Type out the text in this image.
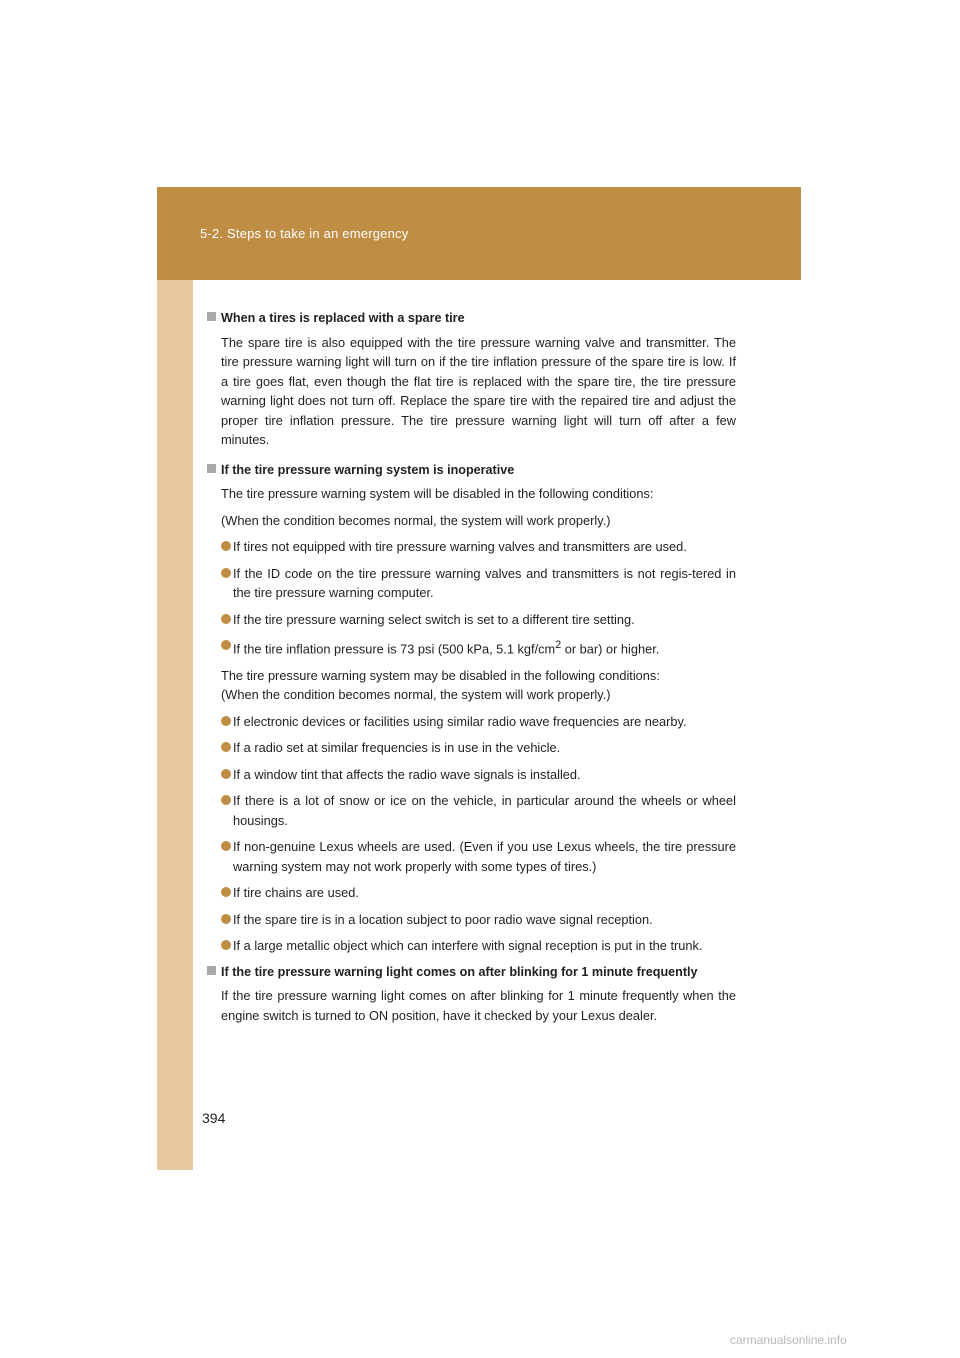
5-2. Steps to take in an emergency
When a tires is replaced with a spare tire

The spare tire is also equipped with the tire pressure warning valve and transmitter. The tire pressure warning light will turn on if the tire inflation pressure of the spare tire is low. If a tire goes flat, even though the flat tire is replaced with the spare tire, the tire pressure warning light does not turn off. Replace the spare tire with the repaired tire and adjust the proper tire inflation pressure. The tire pressure warning light will turn off after a few minutes.

If the tire pressure warning system is inoperative

The tire pressure warning system will be disabled in the following conditions:

(When the condition becomes normal, the system will work properly.)

If tires not equipped with tire pressure warning valves and transmitters are used.
If the ID code on the tire pressure warning valves and transmitters is not regis-tered in the tire pressure warning computer.
If the tire pressure warning select switch is set to a different tire setting.
If the tire inflation pressure is 73 psi (500 kPa, 5.1 kgf/$cm^2$ or bar) or higher.

The tire pressure warning system may be disabled in the following conditions:

(When the condition becomes normal, the system will work properly.)

If electronic devices or facilities using similar radio wave frequencies are nearby.
If a radio set at similar frequencies is in use in the vehicle.
If a window tint that affects the radio wave signals is installed.
If there is a lot of snow or ice on the vehicle, in particular around the wheels or wheel housings.
If non-genuine Lexus wheels are used. (Even if you use Lexus wheels, the tire pressure warning system may not work properly with some types of tires.)
If tire chains are used.
If the spare tire is in a location subject to poor radio wave signal reception.
If a large metallic object which can interfere with signal reception is put in the trunk.
If the tire pressure warning light comes on after blinking for 1 minute frequently

If the tire pressure warning light comes on after blinking for 1 minute frequently when the engine switch is turned to ON position, have it checked by your Lexus dealer.

394
carmanualsonline.info
